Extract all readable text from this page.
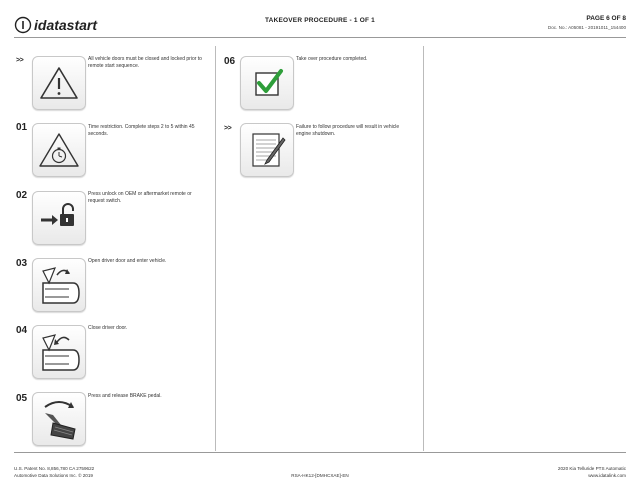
idatastart	TAKEOVER PROCEDURE - 1 OF 1	PAGE 6 OF 8
Doc. No.: A05081 - 20191011_154400
>>	All vehicle doors must be closed and locked prior to remote start sequence.
01	Time restriction. Complete steps 2 to 5 within 45 seconds.
02	Press unlock on OEM or aftermarket remote or request switch.
03	Open driver door and enter vehicle.
04	Close driver door.
05	Press and release BRAKE pedal.
06	Take over procedure completed.
>>	Failure to follow procedure will result in vehicle engine shutdown.
U.S. Patent No. 8,856,780 CA 2759622
Automotive Data Solutions Inc. © 2019	RSA-HK12-[DMHCXAE]-EN
2020 Kia Telluride PTS Automatic
www.idatalink.com
